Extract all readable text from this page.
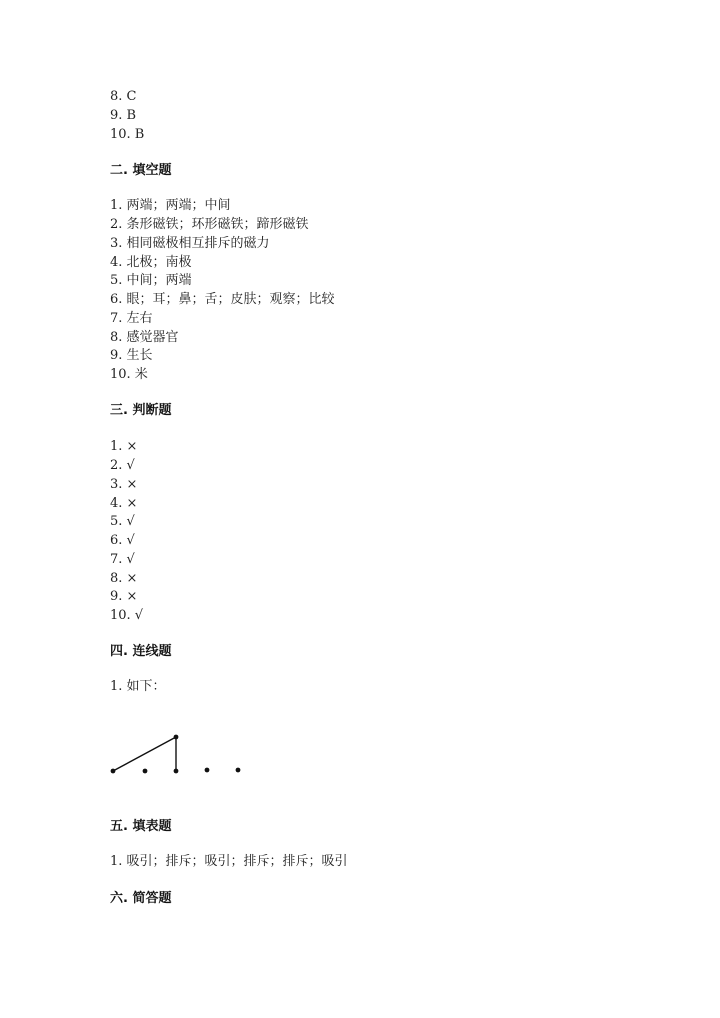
8. C
9. B
10. B
二. 填空题
1. 两端；两端；中间
2. 条形磁铁；环形磁铁；蹄形磁铁
3. 相同磁极相互排斥的磁力
4. 北极；南极
5. 中间；两端
6. 眼；耳；鼻；舌；皮肤；观察；比较
7. 左右
8. 感觉器官
9. 生长
10. 米
三. 判断题
1. ×
2. √
3. ×
4. ×
5. √
6. √
7. √
8. ×
9. ×
10. √
四. 连线题
1. 如下：
五. 填表题
1. 吸引；排斥；吸引；排斥；排斥；吸引
六. 简答题
